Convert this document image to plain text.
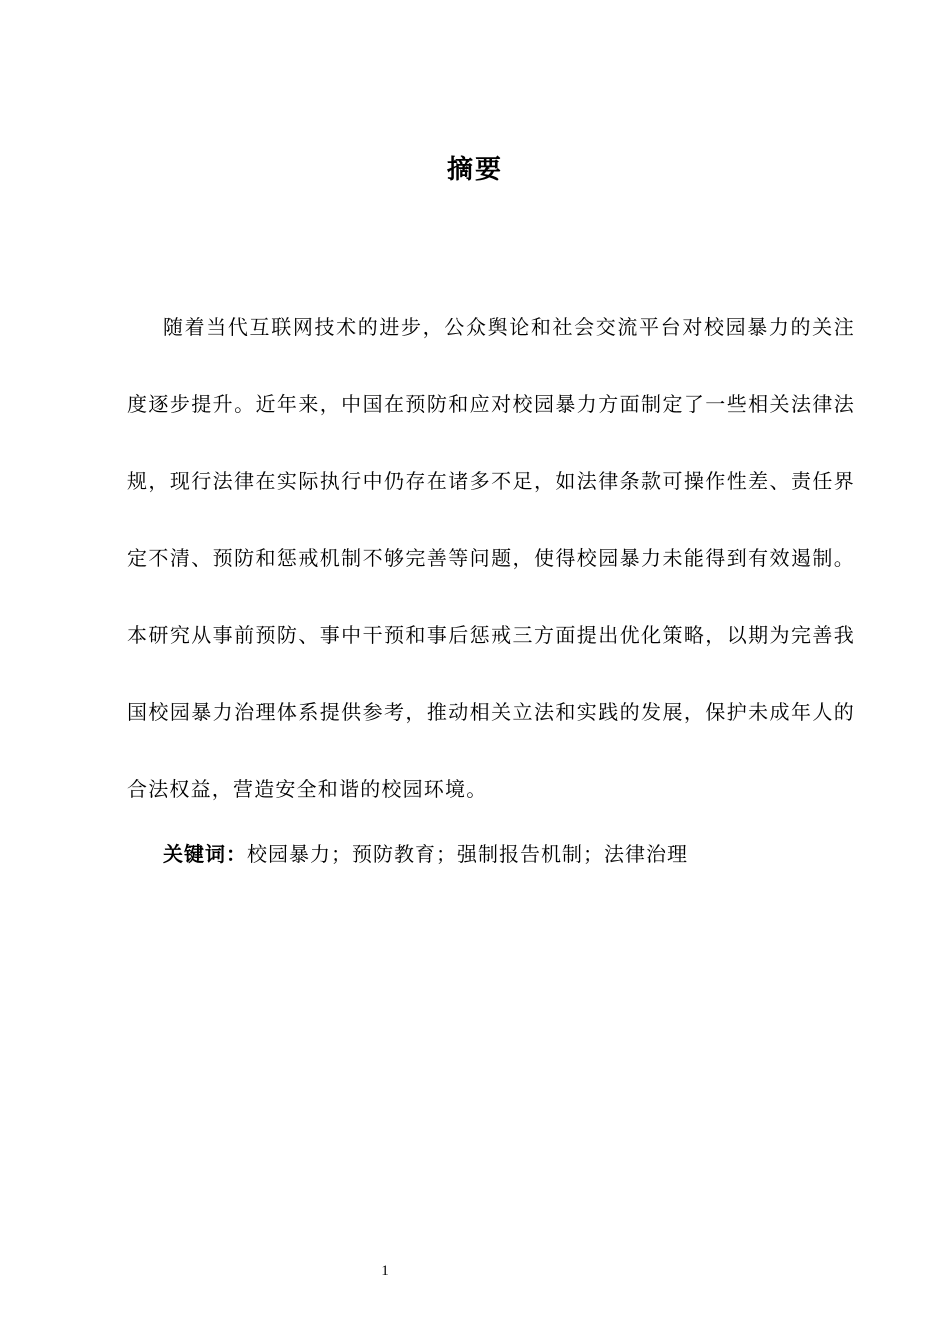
摘要

随着当代互联网技术的进步，公众舆论和社会交流平台对校园暴力的关注度逐步提升。近年来，中国在预防和应对校园暴力方面制定了一些相关法律法规，现行法律在实际执行中仍存在诸多不足，如法律条款可操作性差、责任界定不清、预防和惩戒机制不够完善等问题，使得校园暴力未能得到有效遏制。本研究从事前预防、事中干预和事后惩戒三方面提出优化策略，以期为完善我国校园暴力治理体系提供参考，推动相关立法和实践的发展，保护未成年人的合法权益，营造安全和谐的校园环境。

关键词：校园暴力；预防教育；强制报告机制；法律治理
1
